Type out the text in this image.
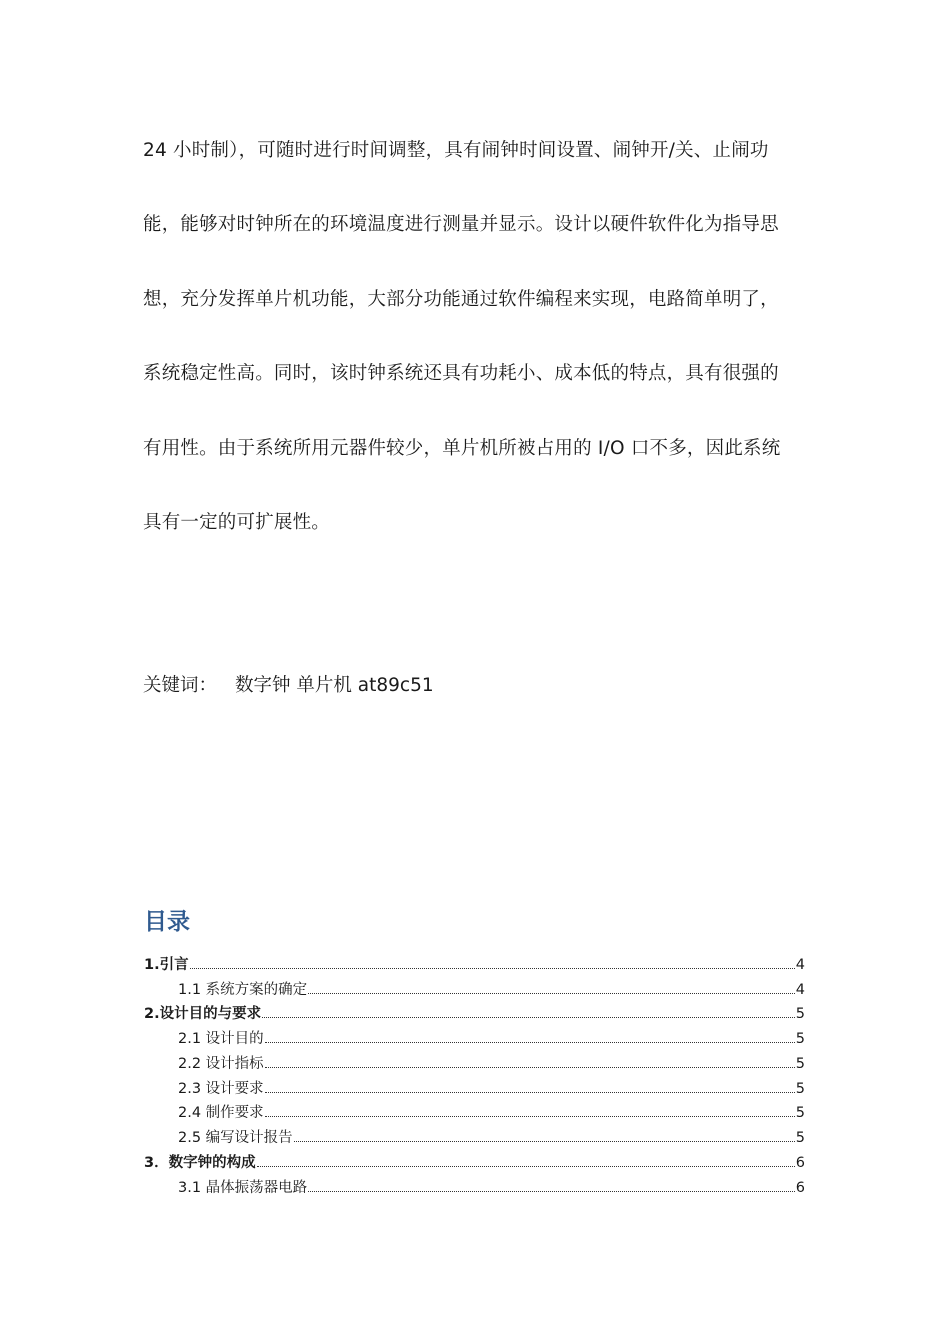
24 小时制），可随时进行时间调整，具有闹钟时间设置、闹钟开/关、止闹功
能，能够对时钟所在的环境温度进行测量并显示。设计以硬件软件化为指导思
想，充分发挥单片机功能，大部分功能通过软件编程来实现，电路简单明了，
系统稳定性高。同时，该时钟系统还具有功耗小、成本低的特点，具有很强的
有用性。由于系统所用元器件较少，单片机所被占用的 I/O 口不多，因此系统
具有一定的可扩展性。
关键词： 数字钟 单片机 at89c51
目录
1.引言	4
1.1 系统方案的确定	4
2.设计目的与要求	5
2.1 设计目的	5
2.2 设计指标	5
2.3 设计要求	5
2.4 制作要求	5
2.5 编写设计报告	5
3．数字钟的构成	6
3.1 晶体振荡器电路	6
